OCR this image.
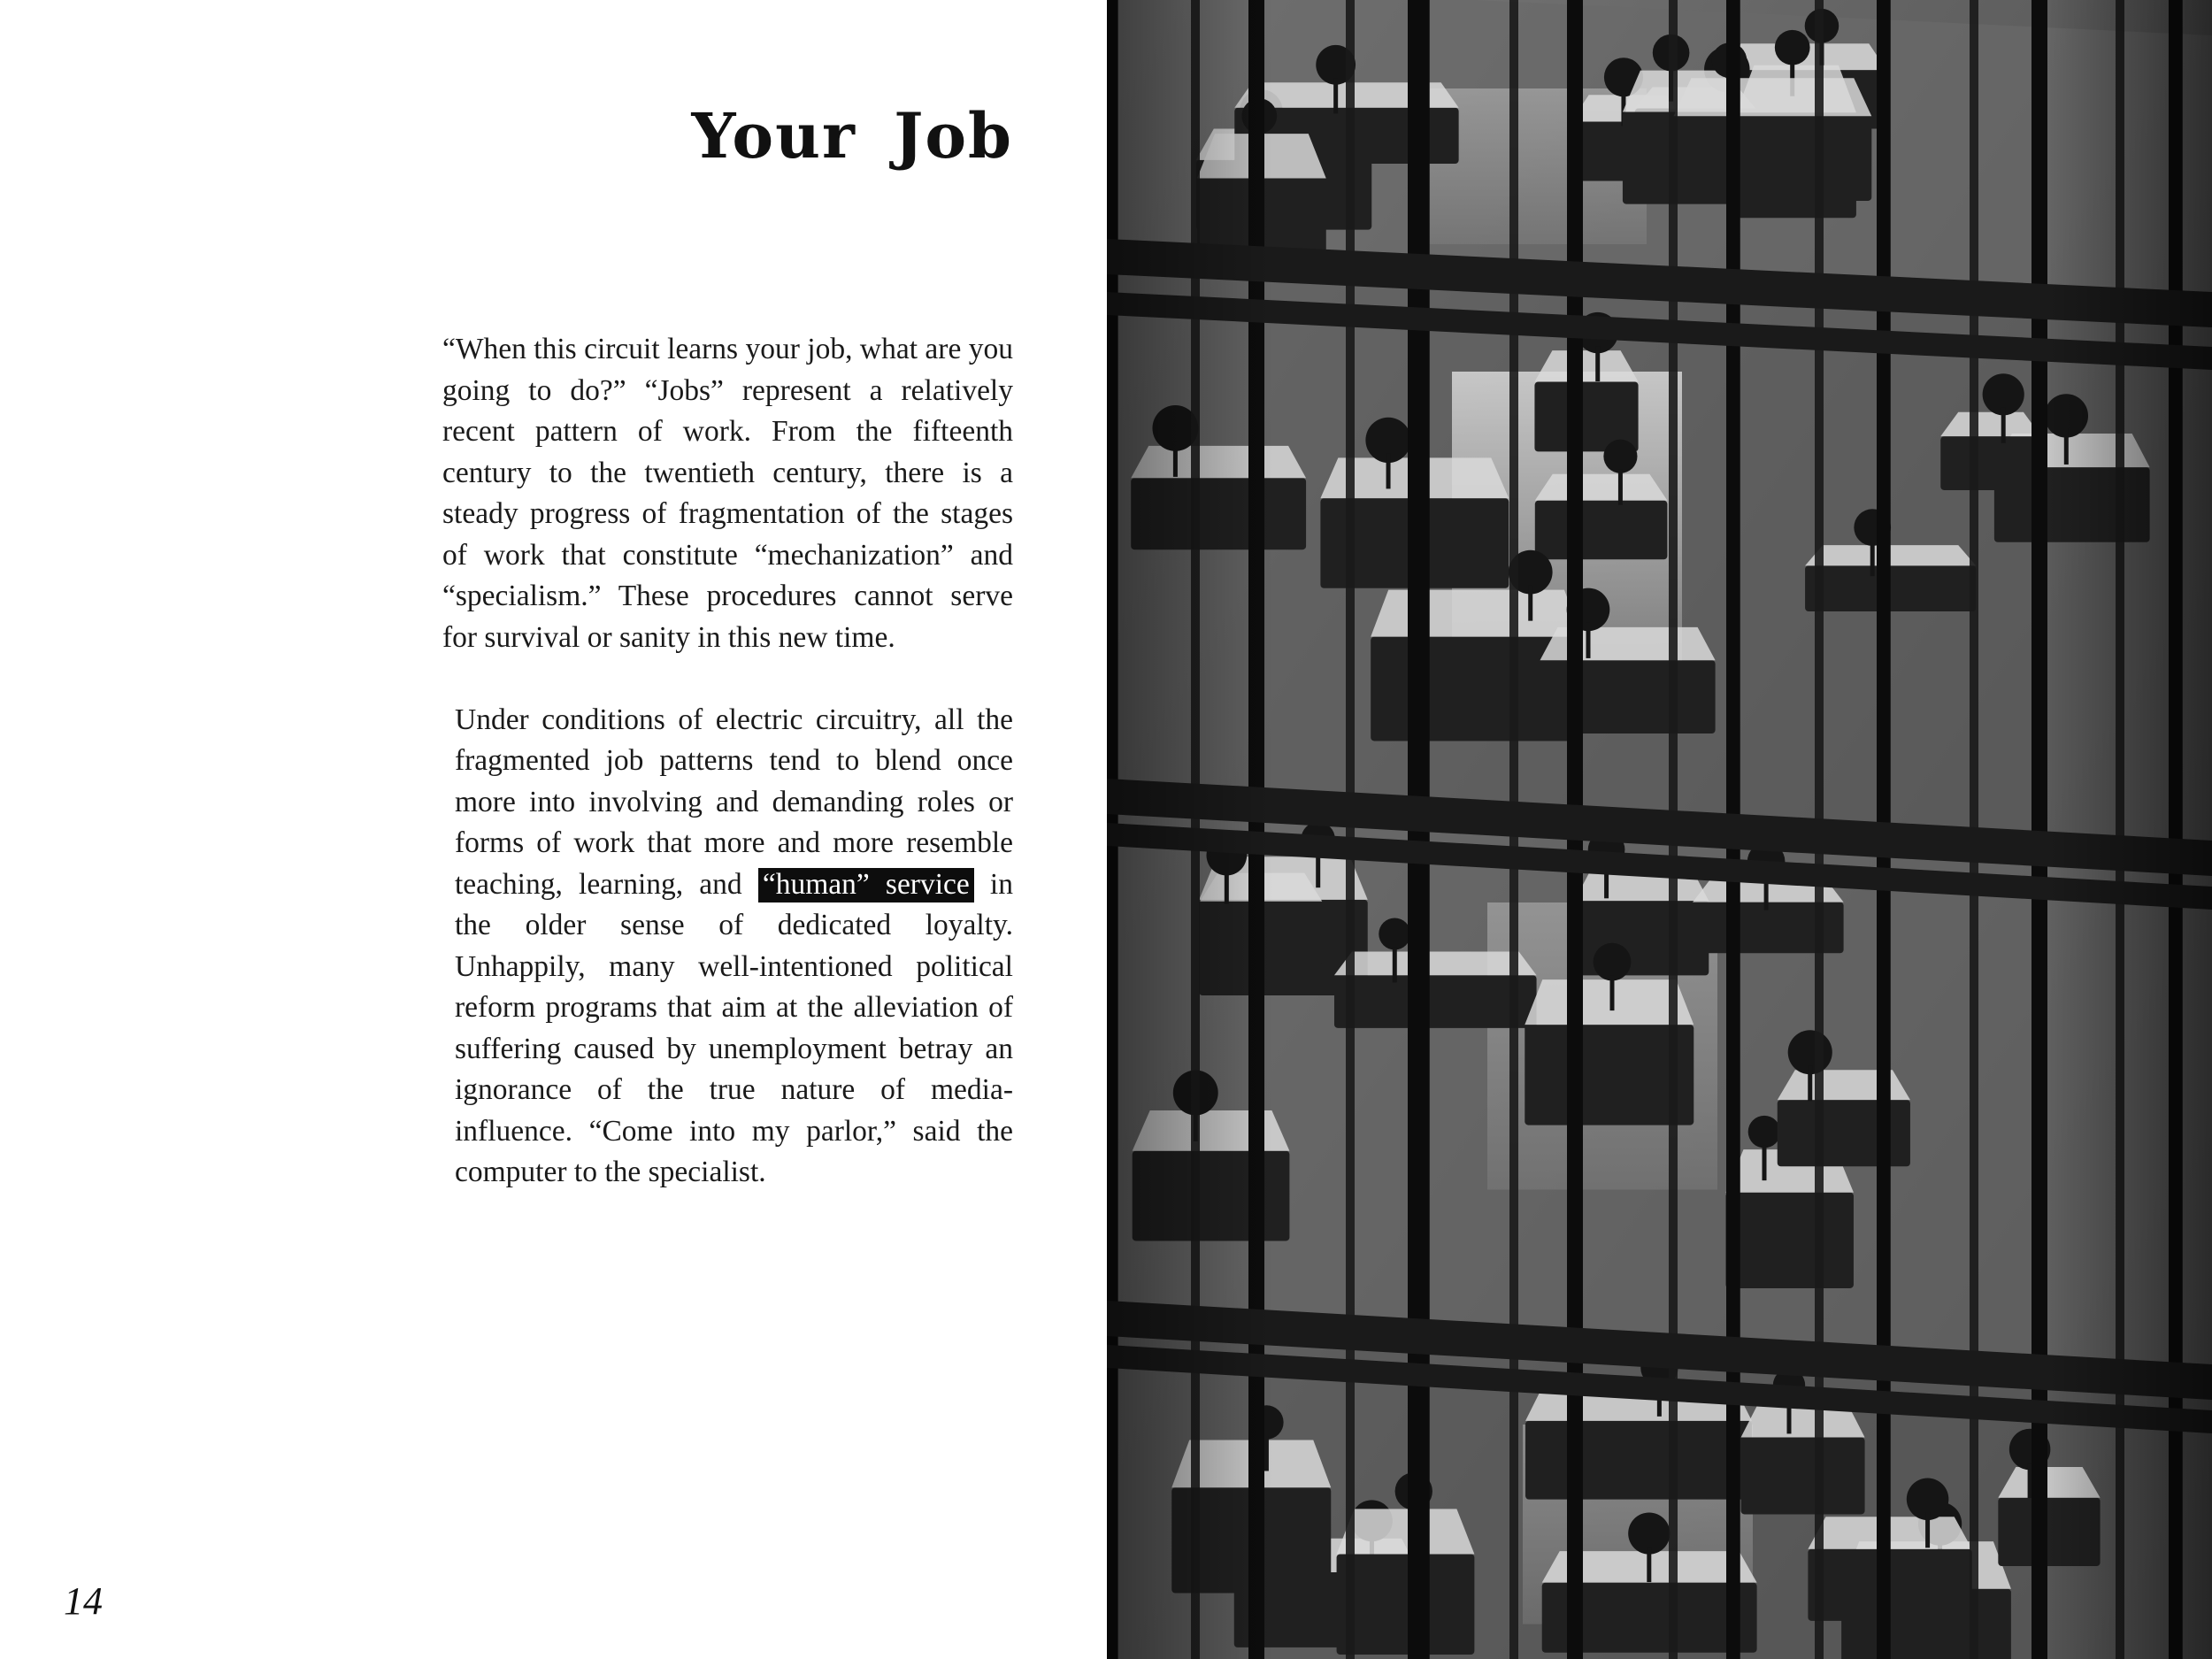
Your Job

“When this circuit learns your job, what are you going to do?” “Jobs” represent a relatively recent pattern of work. From the fifteenth century to the twentieth century, there is a steady progress of fragmentation of the stages of work that constitute “mechanization” and “specialism.” These procedures cannot serve for survival or sanity in this new time.

Under conditions of electric circuitry, all the fragmented job patterns tend to blend once more into involving and demanding roles or forms of work that more and more resemble teaching, learning, and “human” service in the older sense of dedicated loyalty. Unhappily, many well-intentioned political reform programs that aim at the alleviation of suffering caused by unemployment betray an ignorance of the true nature of media-influence. “Come into my parlor,” said the computer to the specialist.

14
